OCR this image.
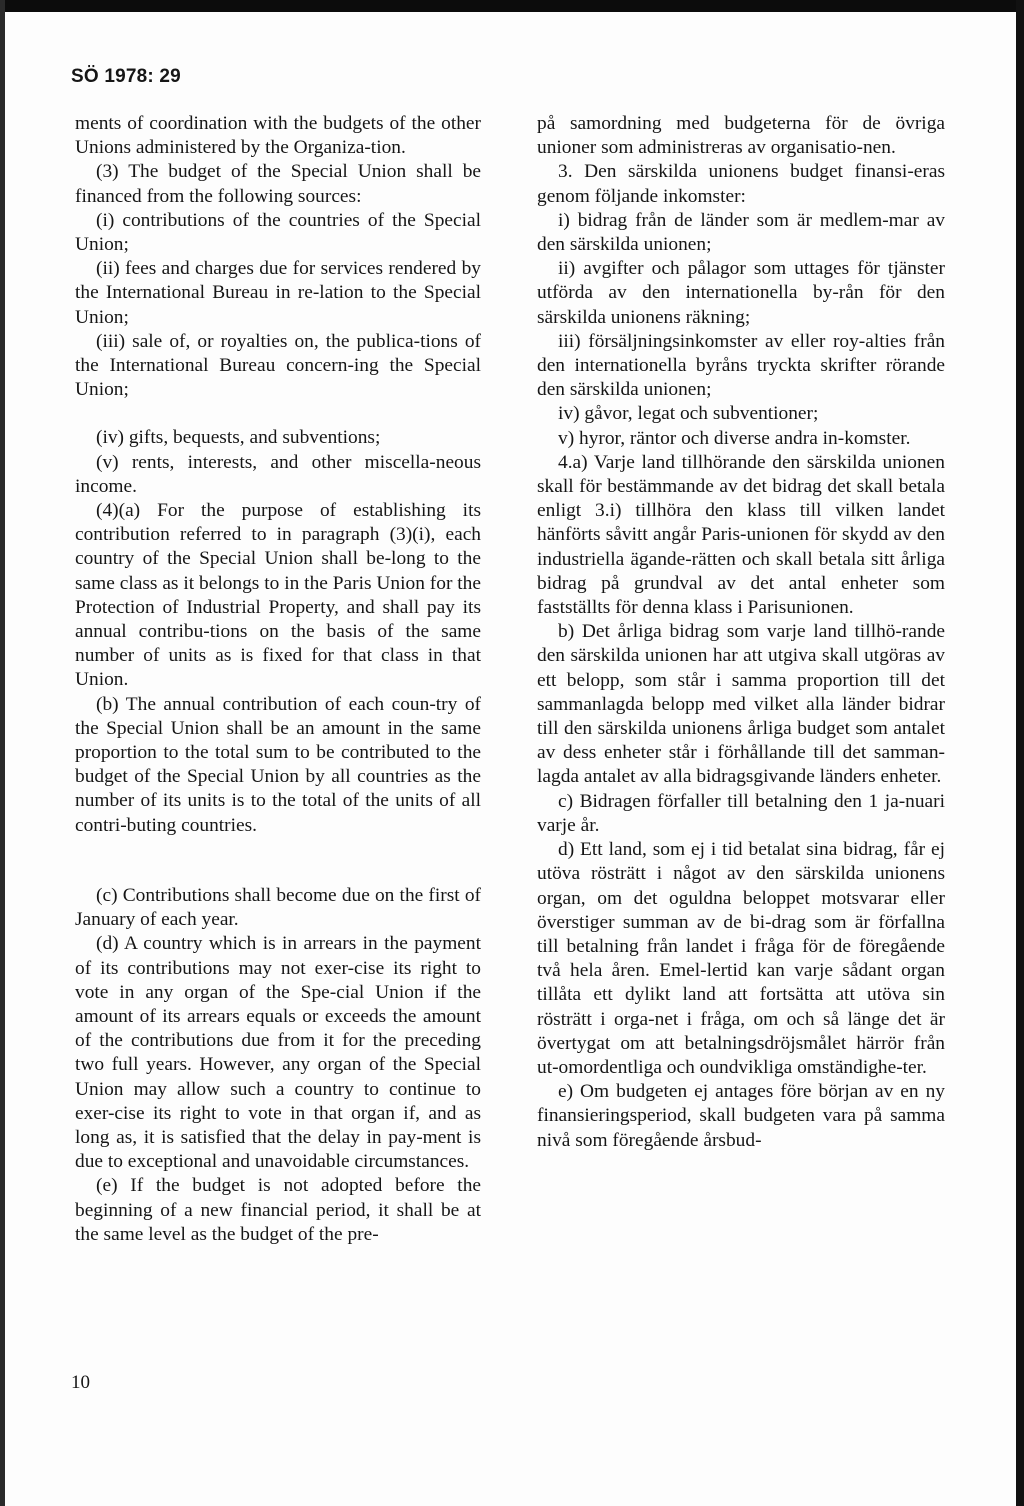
SÖ 1978: 29

ments of coordination with the budgets of the other Unions administered by the Organiza-tion.

(3) The budget of the Special Union shall be financed from the following sources:

(i) contributions of the countries of the Special Union;

(ii) fees and charges due for services rendered by the International Bureau in re-lation to the Special Union;

(iii) sale of, or royalties on, the publica-tions of the International Bureau concern-ing the Special Union;

(iv) gifts, bequests, and subventions;

(v) rents, interests, and other miscella-neous income.

(4)(a) For the purpose of establishing its contribution referred to in paragraph (3)(i), each country of the Special Union shall be-long to the same class as it belongs to in the Paris Union for the Protection of Industrial Property, and shall pay its annual contribu-tions on the basis of the same number of units as is fixed for that class in that Union.

(b) The annual contribution of each coun-try of the Special Union shall be an amount in the same proportion to the total sum to be contributed to the budget of the Special Union by all countries as the number of its units is to the total of the units of all contri-buting countries.

(c) Contributions shall become due on the first of January of each year.

(d) A country which is in arrears in the payment of its contributions may not exer-cise its right to vote in any organ of the Spe-cial Union if the amount of its arrears equals or exceeds the amount of the contributions due from it for the preceding two full years. However, any organ of the Special Union may allow such a country to continue to exer-cise its right to vote in that organ if, and as long as, it is satisfied that the delay in pay-ment is due to exceptional and unavoidable circumstances.

(e) If the budget is not adopted before the beginning of a new financial period, it shall be at the same level as the budget of the pre-

på samordning med budgeterna för de övriga unioner som administreras av organisatio-nen.

3. Den särskilda unionens budget finansi-eras genom följande inkomster:

i) bidrag från de länder som är medlem-mar av den särskilda unionen;

ii) avgifter och pålagor som uttages för tjänster utförda av den internationella by-rån för den särskilda unionens räkning;

iii) försäljningsinkomster av eller roy-alties från den internationella byråns tryckta skrifter rörande den särskilda unionen;

iv) gåvor, legat och subventioner;

v) hyror, räntor och diverse andra in-komster.

4.a) Varje land tillhörande den särskilda unionen skall för bestämmande av det bidrag det skall betala enligt 3.i) tillhöra den klass till vilken landet hänförts såvitt angår Paris-unionen för skydd av den industriella ägande-rätten och skall betala sitt årliga bidrag på grundval av det antal enheter som fastställts för denna klass i Parisunionen.

b) Det årliga bidrag som varje land tillhö-rande den särskilda unionen har att utgiva skall utgöras av ett belopp, som står i samma proportion till det sammanlagda belopp med vilket alla länder bidrar till den särskilda unionens årliga budget som antalet av dess enheter står i förhållande till det samman-lagda antalet av alla bidragsgivande länders enheter.

c) Bidragen förfaller till betalning den 1 ja-nuari varje år.

d) Ett land, som ej i tid betalat sina bidrag, får ej utöva rösträtt i något av den särskilda unionens organ, om det oguldna beloppet motsvarar eller överstiger summan av de bi-drag som är förfallna till betalning från landet i fråga för de föregående två hela åren. Emel-lertid kan varje sådant organ tillåta ett dylikt land att fortsätta att utöva sin rösträtt i orga-net i fråga, om och så länge det är övertygat om att betalningsdröjsmålet härrör från ut-omordentliga och oundvikliga omständighe-ter.

e) Om budgeten ej antages före början av en ny finansieringsperiod, skall budgeten vara på samma nivå som föregående årsbud-

10
